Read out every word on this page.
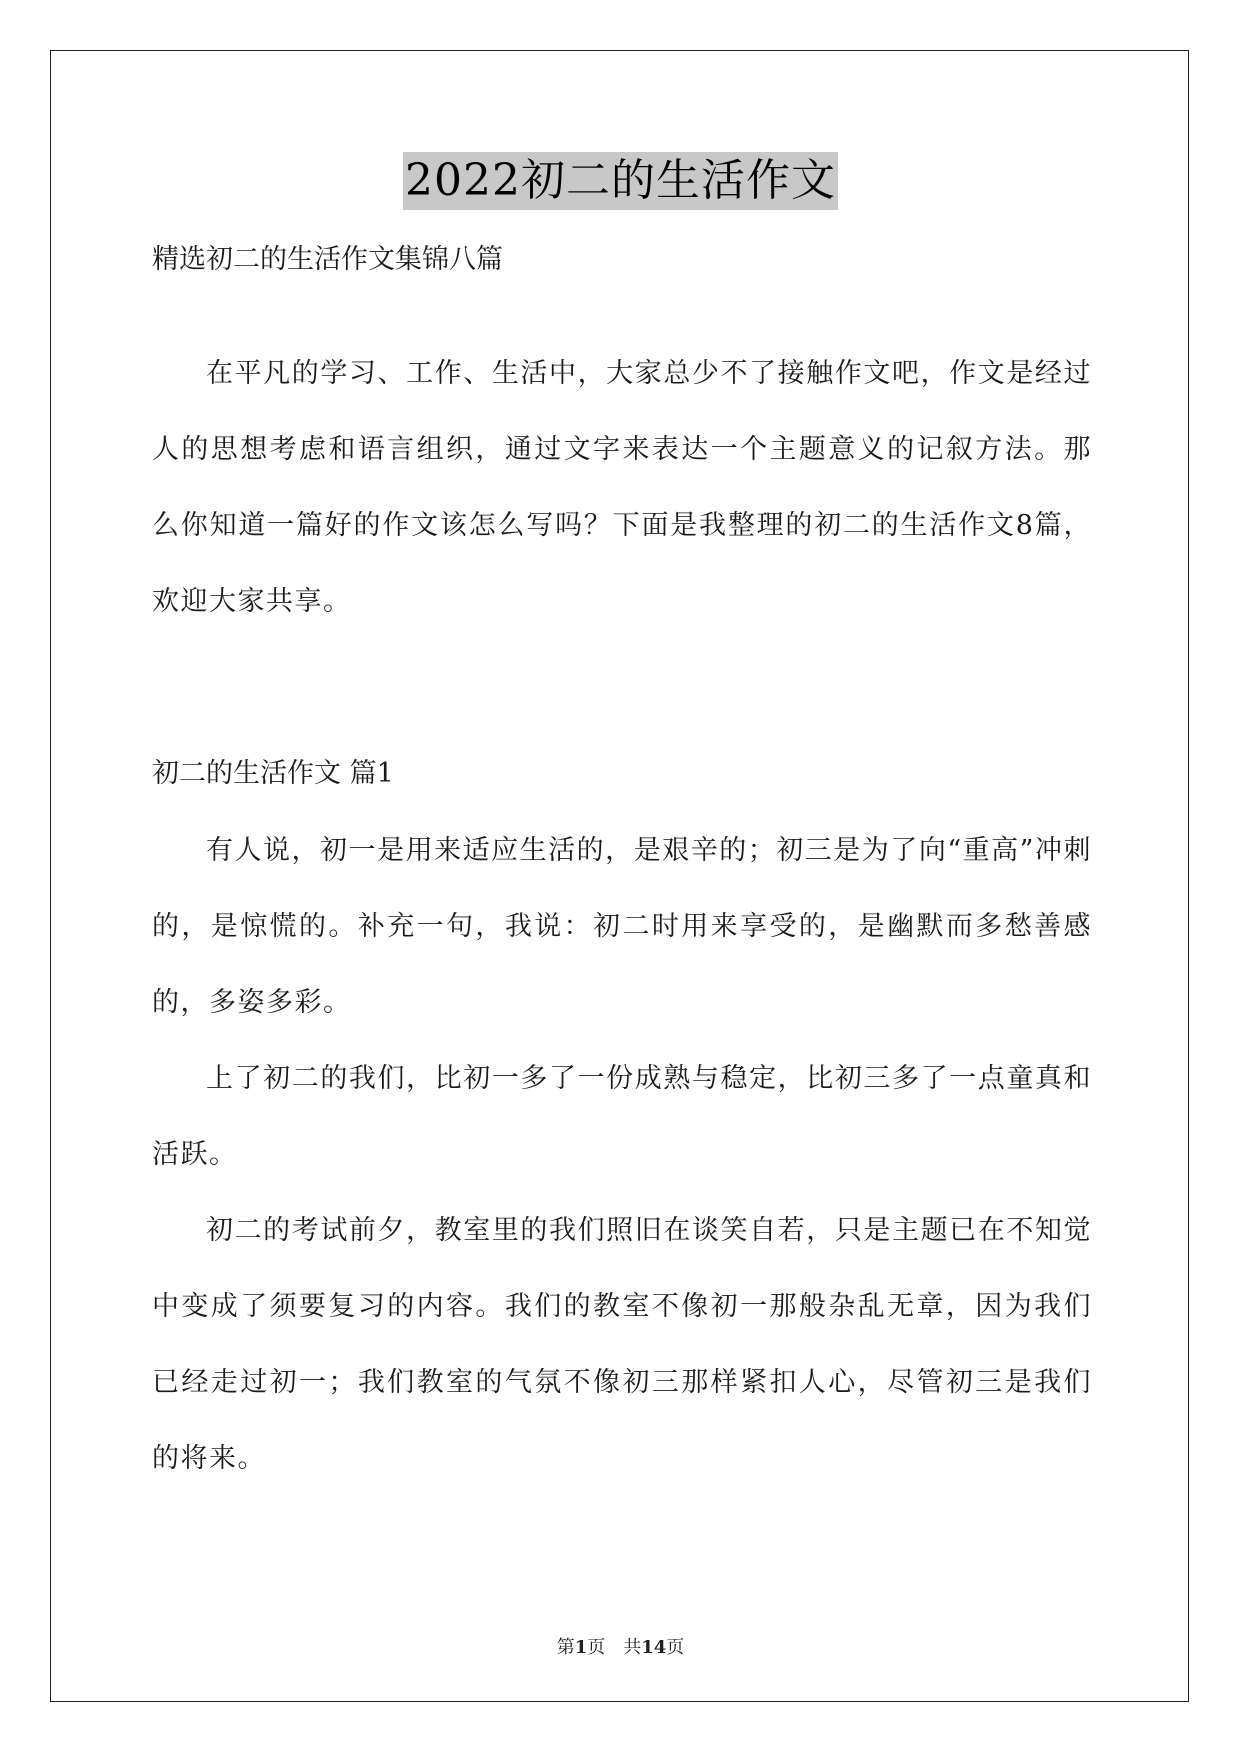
2022初二的生活作文
精选初二的生活作文集锦八篇

在平凡的学习、工作、生活中，大家总少不了接触作文吧，作文是经过人的思想考虑和语言组织，通过文字来表达一个主题意义的记叙方法。那么你知道一篇好的作文该怎么写吗？下面是我整理的初二的生活作文8篇，欢迎大家共享。

初二的生活作文 篇1

有人说，初一是用来适应生活的，是艰辛的；初三是为了向“重高”冲刺的，是惊慌的。补充一句，我说：初二时用来享受的，是幽默而多愁善感的，多姿多彩。

上了初二的我们，比初一多了一份成熟与稳定，比初三多了一点童真和活跃。

初二的考试前夕，教室里的我们照旧在谈笑自若，只是主题已在不知觉中变成了须要复习的内容。我们的教室不像初一那般杂乱无章，因为我们已经走过初一；我们教室的气氛不像初三那样紧扣人心，尽管初三是我们的将来。

第1页　共14页
